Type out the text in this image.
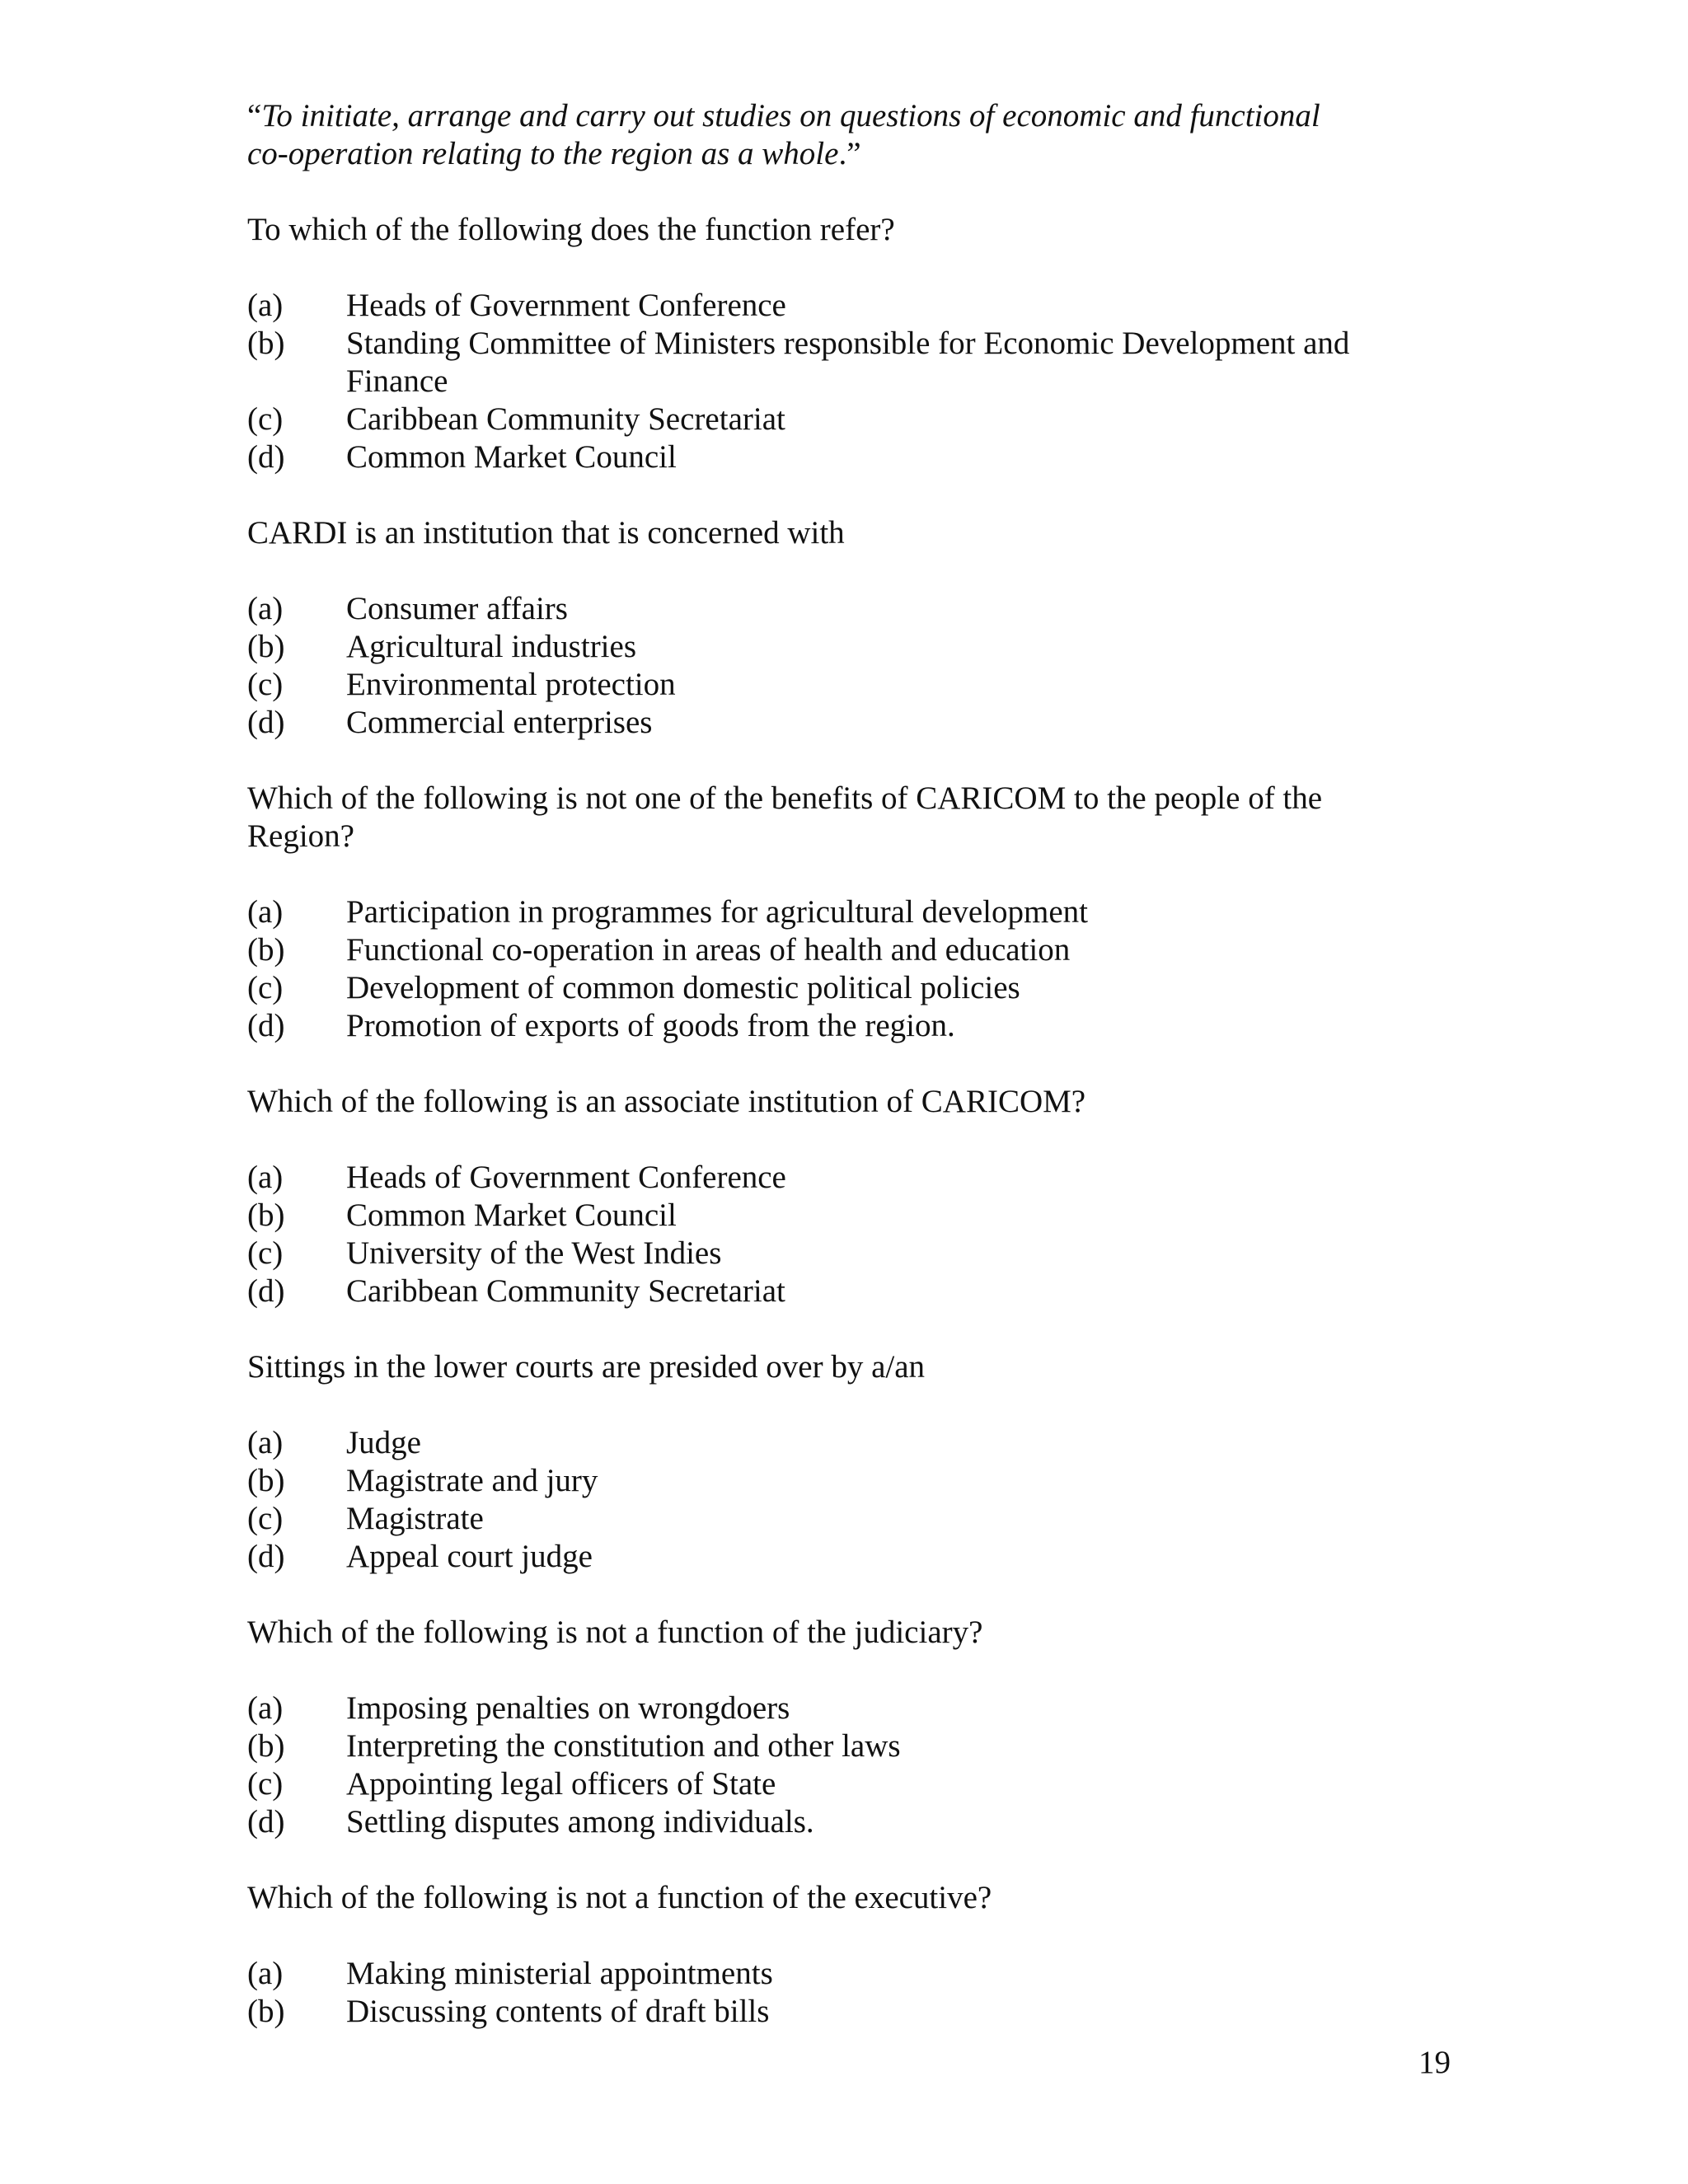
“To initiate, arrange and carry out studies on questions of economic and functional

co-operation relating to the region as a whole.”

To which of the following does the function refer?

(a)	Heads of Government Conference
(b)	Standing Committee of Ministers responsible for Economic Development and
Finance
(c)	Caribbean Community Secretariat
(d)	Common Market Council

CARDI is an institution that is concerned with

(a)	Consumer affairs
(b)	Agricultural industries
(c)	Environmental protection
(d)	Commercial enterprises

Which of the following is not one of the benefits of CARICOM to the people of the

Region?

(a)	Participation in programmes for agricultural development
(b)	Functional co-operation in areas of health and education
(c)	Development of common domestic political policies
(d)	Promotion of exports of goods from the region.

Which of the following is an associate institution of CARICOM?

(a)	Heads of Government Conference
(b)	Common Market Council
(c)	University of the West Indies
(d)	Caribbean Community Secretariat

Sittings in the lower courts are presided over by a/an

(a)	Judge
(b)	Magistrate and jury
(c)	Magistrate
(d)	Appeal court judge

Which of the following is not a function of the judiciary?

(a)	Imposing penalties on wrongdoers
(b)	Interpreting the constitution and other laws
(c)	Appointing legal officers of State
(d)	Settling disputes among individuals.

Which of the following is not a function of the executive?

(a)	Making ministerial appointments
(b)	Discussing contents of draft bills
19
